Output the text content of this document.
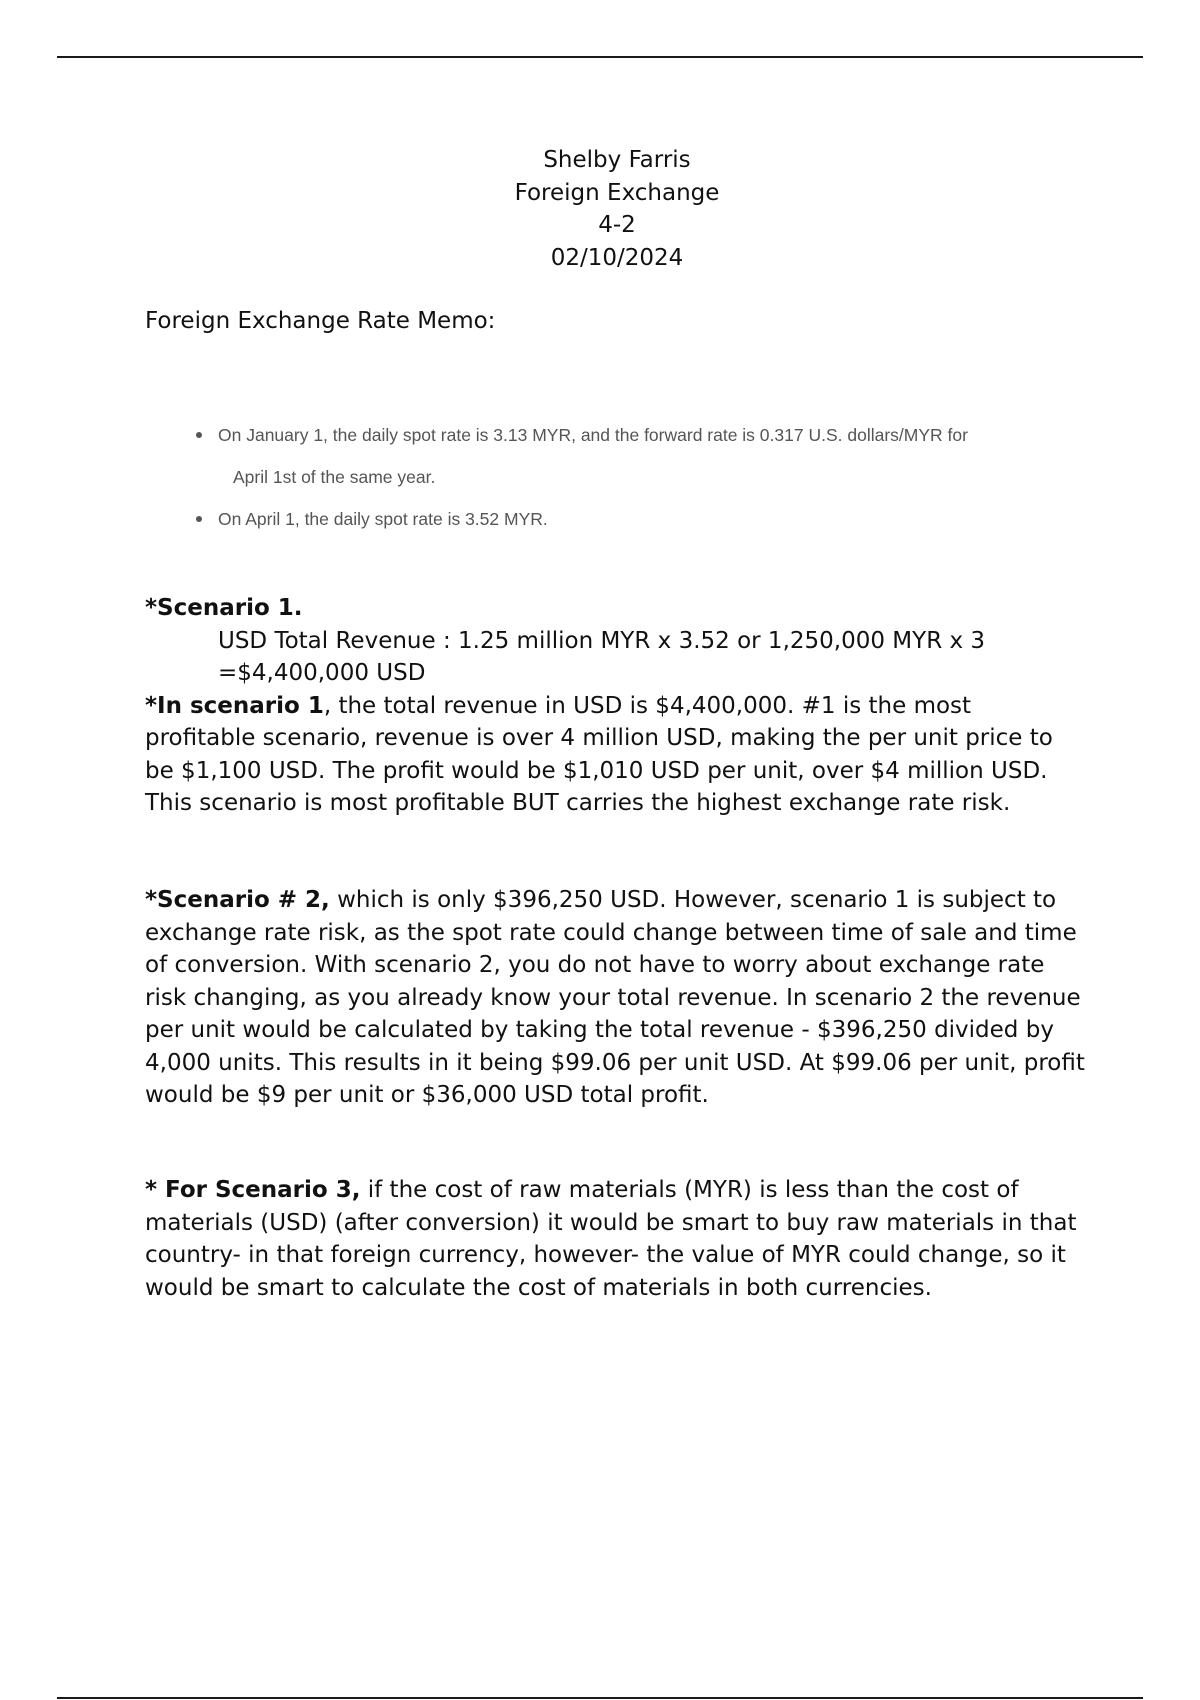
Shelby Farris
Foreign Exchange
4-2
02/10/2024
Foreign Exchange Rate Memo:
On January 1, the daily spot rate is 3.13 MYR, and the forward rate is 0.317 U.S. dollars/MYR for
April 1st of the same year.
On April 1, the daily spot rate is 3.52 MYR.

*Scenario 1.

USD Total Revenue : 1.25 million MYR x 3.52 or 1,250,000 MYR x 3

=$4,400,000 USD

*In scenario 1, the total revenue in USD is $4,400,000. #1 is the most profitable scenario, revenue is over 4 million USD, making the per unit price to be $1,100 USD. The profit would be $1,010 USD per unit, over $4 million USD. This scenario is most profitable BUT carries the highest exchange rate risk.

*Scenario # 2, which is only $396,250 USD. However, scenario 1 is subject to exchange rate risk, as the spot rate could change between time of sale and time of conversion. With scenario 2, you do not have to worry about exchange rate risk changing, as you already know your total revenue. In scenario 2 the revenue per unit would be calculated by taking the total revenue - $396,250 divided by 4,000 units. This results in it being $99.06 per unit USD. At $99.06 per unit, profit would be $9 per unit or $36,000 USD total profit.

* For Scenario 3, if the cost of raw materials (MYR) is less than the cost of materials (USD) (after conversion) it would be smart to buy raw materials in that country- in that foreign currency, however- the value of MYR could change, so it would be smart to calculate the cost of materials in both currencies.
